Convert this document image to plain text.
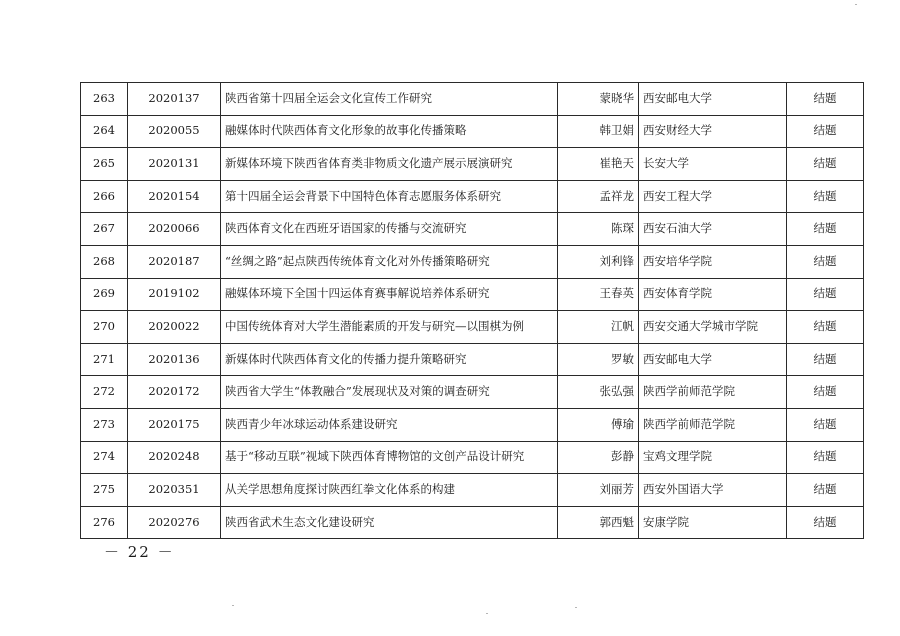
263	2020137	陕西省第十四届全运会文化宣传工作研究	蒙晓华	西安邮电大学	结题
264	2020055	融媒体时代陕西体育文化形象的故事化传播策略	韩卫娟	西安财经大学	结题
265	2020131	新媒体环境下陕西省体育类非物质文化遗产展示展演研究	崔艳天	长安大学	结题
266	2020154	第十四届全运会背景下中国特色体育志愿服务体系研究	孟祥龙	西安工程大学	结题
267	2020066	陕西体育文化在西班牙语国家的传播与交流研究	陈琛	西安石油大学	结题
268	2020187	“丝绸之路”起点陕西传统体育文化对外传播策略研究	刘利锋	西安培华学院	结题
269	2019102	融媒体环境下全国十四运体育赛事解说培养体系研究	王春英	西安体育学院	结题
270	2020022	中国传统体育对大学生潜能素质的开发与研究—以围棋为例	江帆	西安交通大学城市学院	结题
271	2020136	新媒体时代陕西体育文化的传播力提升策略研究	罗敏	西安邮电大学	结题
272	2020172	陕西省大学生“体教融合”发展现状及对策的调查研究	张弘强	陕西学前师范学院	结题
273	2020175	陕西青少年冰球运动体系建设研究	傅瑜	陕西学前师范学院	结题
274	2020248	基于“移动互联”视域下陕西体育博物馆的文创产品设计研究	彭静	宝鸡文理学院	结题
275	2020351	从关学思想角度探讨陕西红拳文化体系的构建	刘丽芳	西安外国语大学	结题
276	2020276	陕西省武术生态文化建设研究	郭西魁	安康学院	结题
－ 22 －
